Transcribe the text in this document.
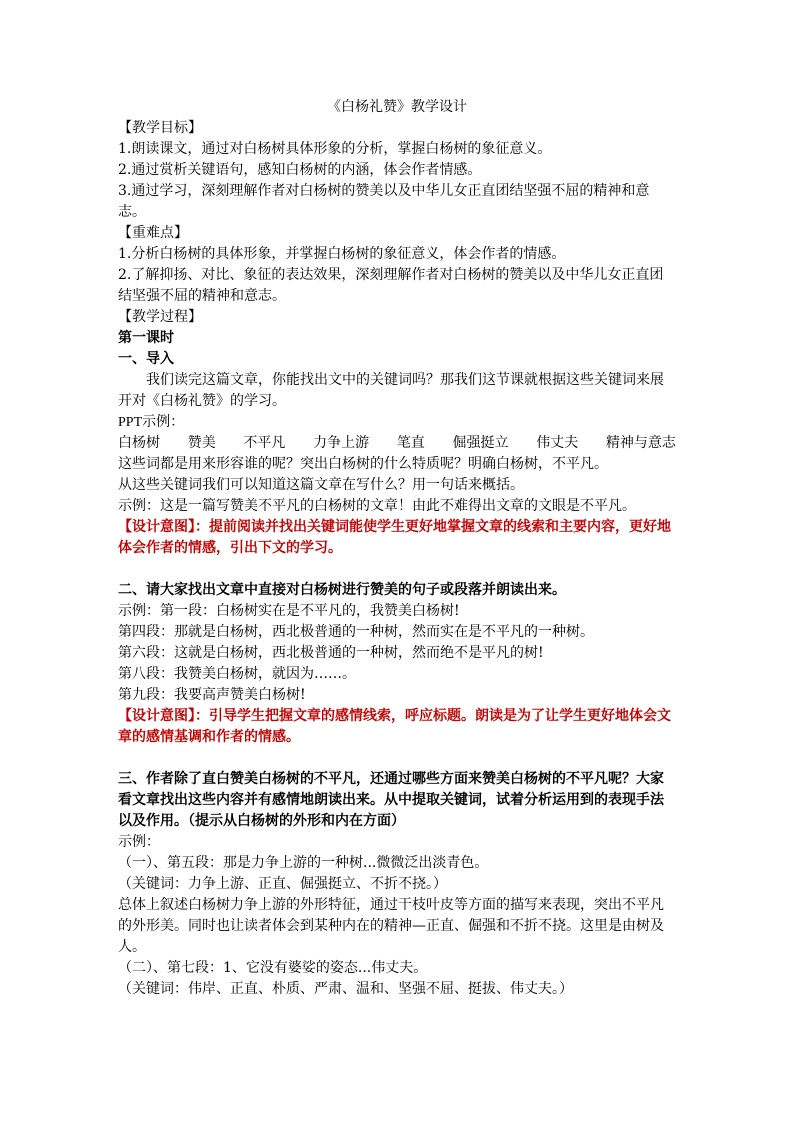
《白杨礼赞》教学设计

【教学目标】

1.朗读课文，通过对白杨树具体形象的分析，掌握白杨树的象征意义。

2.通过赏析关键语句，感知白杨树的内涵，体会作者情感。

3.通过学习，深刻理解作者对白杨树的赞美以及中华儿女正直团结坚强不屈的精神和意志。

【重难点】

1.分析白杨树的具体形象，并掌握白杨树的象征意义，体会作者的情感。

2.了解抑扬、对比、象征的表达效果，深刻理解作者对白杨树的赞美以及中华儿女正直团结坚强不屈的精神和意志。

【教学过程】

第一课时

一、导入

我们读完这篇文章，你能找出文中的关键词吗？那我们这节课就根据这些关键词来展开对《白杨礼赞》的学习。

PPT示例：

白杨树 赞美 不平凡 力争上游 笔直 倔强挺立 伟丈夫 精神与意志

这些词都是用来形容谁的呢？突出白杨树的什么特质呢？明确白杨树，不平凡。

从这些关键词我们可以知道这篇文章在写什么？用一句话来概括。

示例：这是一篇写赞美不平凡的白杨树的文章！由此不难得出文章的文眼是不平凡。

【设计意图】：提前阅读并找出关键词能使学生更好地掌握文章的线索和主要内容，更好地体会作者的情感，引出下文的学习。

二、请大家找出文章中直接对白杨树进行赞美的句子或段落并朗读出来。

示例：第一段：白杨树实在是不平凡的，我赞美白杨树!

第四段：那就是白杨树，西北极普通的一种树，然而实在是不平凡的一种树。

第六段：这就是白杨树，西北极普通的一种树，然而绝不是平凡的树!

第八段：我赞美白杨树，就因为……。

第九段：我要高声赞美白杨树!

【设计意图】：引导学生把握文章的感情线索，呼应标题。朗读是为了让学生更好地体会文章的感情基调和作者的情感。

三、作者除了直白赞美白杨树的不平凡，还通过哪些方面来赞美白杨树的不平凡呢？大家看文章找出这些内容并有感情地朗读出来。从中提取关键词，试着分析运用到的表现手法以及作用。（提示从白杨树的外形和内在方面）

示例：

（一）、第五段：那是力争上游的一种树...微微泛出淡青色。

（关键词：力争上游、正直、倔强挺立、不折不挠。）

总体上叙述白杨树力争上游的外形特征，通过干枝叶皮等方面的描写来表现，突出不平凡的外形美。同时也让读者体会到某种内在的精神—正直、倔强和不折不挠。这里是由树及人。

（二）、第七段：1、它没有婆娑的姿态...伟丈夫。

（关键词：伟岸、正直、朴质、严肃、温和、坚强不屈、挺拔、伟丈夫。）
